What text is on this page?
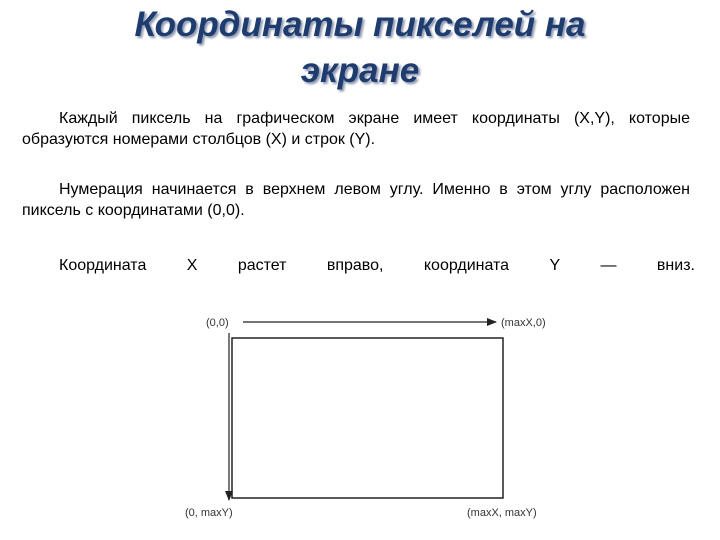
Координаты пикселей на
экране
Каждый пиксель на графическом экране имеет координаты (X,Y), которые образуются номерами столбцов (X) и строк (Y).
Нумерация начинается в верхнем левом углу. Именно в этом углу расположен пиксель с координатами (0,0).
Координата	X	растет	вправо,	координата	Y	—	вниз.
(0,0)	(maxX,0)
(0, maxY)	(maxX, maxY)
